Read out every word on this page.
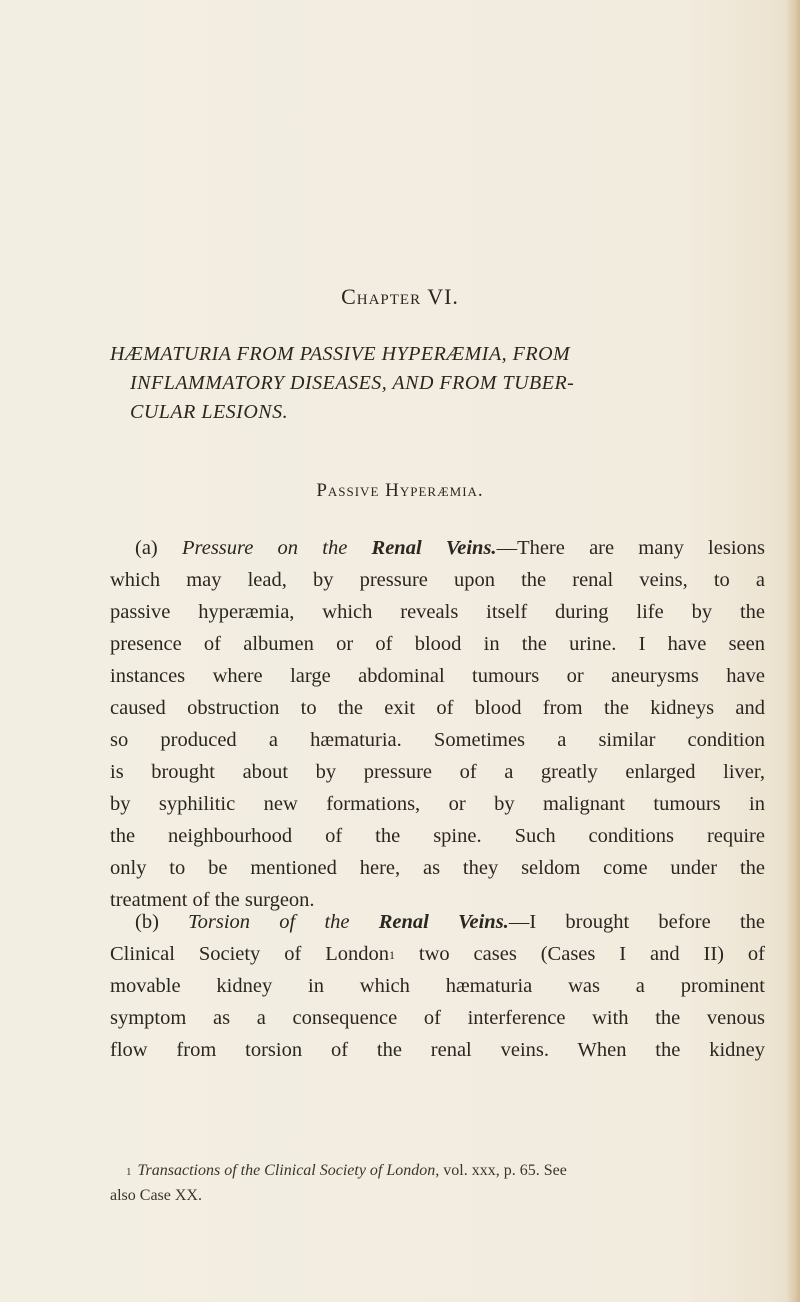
Chapter VI.
HÆMATURIA FROM PASSIVE HYPERÆMIA, FROM
INFLAMMATORY DISEASES, AND FROM TUBER-
CULAR LESIONS.
Passive Hyperæmia.
(a) Pressure on the Renal Veins.—There are many lesions
which may lead, by pressure upon the renal veins, to a
passive hyperæmia, which reveals itself during life by the
presence of albumen or of blood in the urine. I have seen
instances where large abdominal tumours or aneurysms have
caused obstruction to the exit of blood from the kidneys and
so produced a hæmaturia. Sometimes a similar condition
is brought about by pressure of a greatly enlarged liver,
by syphilitic new formations, or by malignant tumours in
the neighbourhood of the spine. Such conditions require
only to be mentioned here, as they seldom come under the
treatment of the surgeon.
(b) Torsion of the Renal Veins.—I brought before the
Clinical Society of London$^1$ two cases (Cases I and II) of
movable kidney in which hæmaturia was a prominent
symptom as a consequence of interference with the venous
flow from torsion of the renal veins. When the kidney
$^1$ Transactions of the Clinical Society of London, vol. xxx, p. 65. See
also Case XX.
